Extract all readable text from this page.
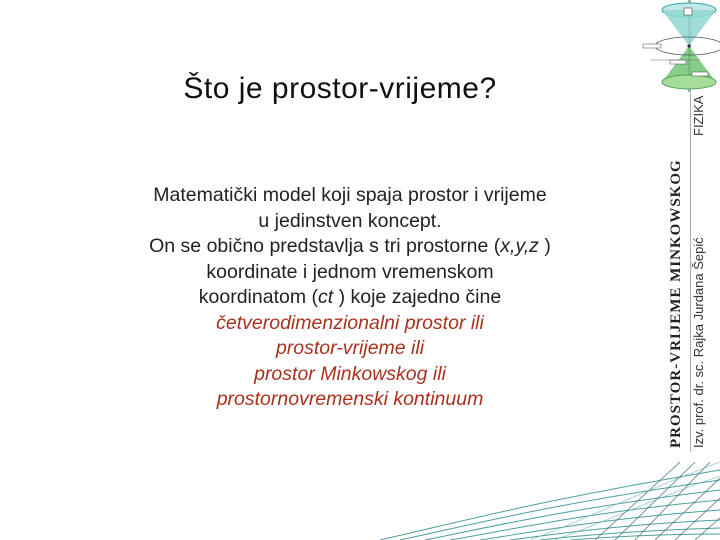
Što je prostor-vrijeme?
Matematički model koji spaja prostor i vrijeme
u jedinstven koncept.
On se obično predstavlja s tri prostorne (x,y,z )
koordinate i jednom vremenskom
koordinatom (ct ) koje zajedno čine
četverodimenzionalni prostor ili
prostor-vrijeme ili
prostor Minkowskog ili
prostornovremenski kontinuum	PROSTOR-VRIJEME MINKOWSKOG Izv. prof. dr. sc. Rajka Jurdana Šepić
FIZIKA
